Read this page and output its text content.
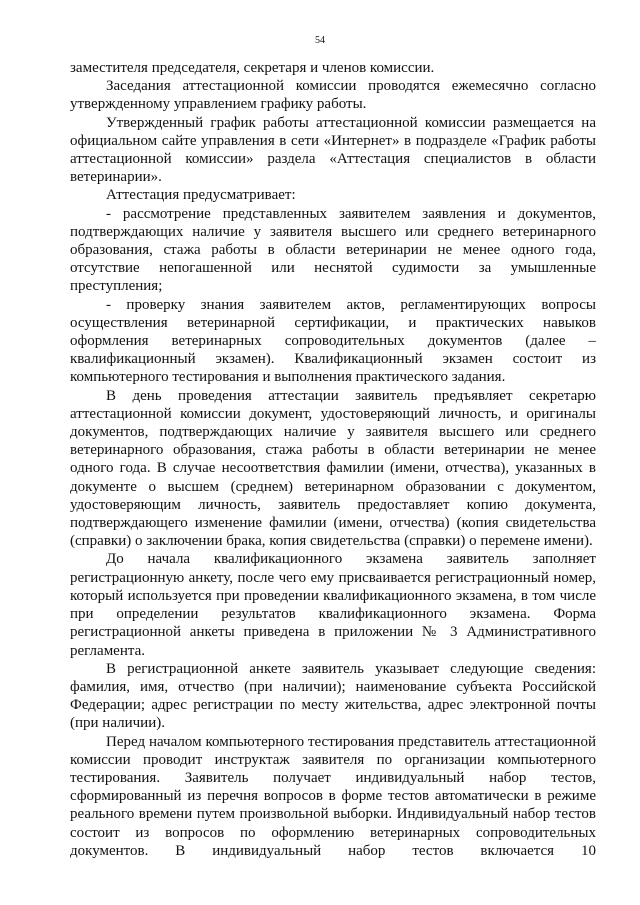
54

заместителя председателя, секретаря и членов комиссии.

Заседания аттестационной комиссии проводятся ежемесячно согласно утвержденному управлением графику работы.

Утвержденный график работы аттестационной комиссии размещается на официальном сайте управления в сети «Интернет» в подразделе «График работы аттестационной комиссии» раздела «Аттестация специалистов в области ветеринарии».

Аттестация предусматривает:

- рассмотрение представленных заявителем заявления и документов, подтверждающих наличие у заявителя высшего или среднего ветеринарного образования, стажа работы в области ветеринарии не менее одного года, отсутствие непогашенной или неснятой судимости за умышленные преступления;

- проверку знания заявителем актов, регламентирующих вопросы осуществления ветеринарной сертификации, и практических навыков оформления ветеринарных сопроводительных документов (далее – квалификационный экзамен). Квалификационный экзамен состоит из компьютерного тестирования и выполнения практического задания.

В день проведения аттестации заявитель предъявляет секретарю аттестационной комиссии документ, удостоверяющий личность, и оригиналы документов, подтверждающих наличие у заявителя высшего или среднего ветеринарного образования, стажа работы в области ветеринарии не менее одного года. В случае несоответствия фамилии (имени, отчества), указанных в документе о высшем (среднем) ветеринарном образовании с документом, удостоверяющим личность, заявитель предоставляет копию документа, подтверждающего изменение фамилии (имени, отчества) (копия свидетельства (справки) о заключении брака, копия свидетельства (справки) о перемене имени).

До начала квалификационного экзамена заявитель заполняет регистрационную анкету, после чего ему присваивается регистрационный номер, который используется при проведении квалификационного экзамена, в том числе при определении результатов квалификационного экзамена. Форма регистрационной анкеты приведена в приложении № 3 Административного регламента.

В регистрационной анкете заявитель указывает следующие сведения: фамилия, имя, отчество (при наличии); наименование субъекта Российской Федерации; адрес регистрации по месту жительства, адрес электронной почты (при наличии).

Перед началом компьютерного тестирования представитель аттестационной комиссии проводит инструктаж заявителя по организации компьютерного тестирования. Заявитель получает индивидуальный набор тестов, сформированный из перечня вопросов в форме тестов автоматически в режиме реального времени путем произвольной выборки. Индивидуальный набор тестов состоит из вопросов по оформлению ветеринарных сопроводительных документов. В индивидуальный набор тестов включается 10
